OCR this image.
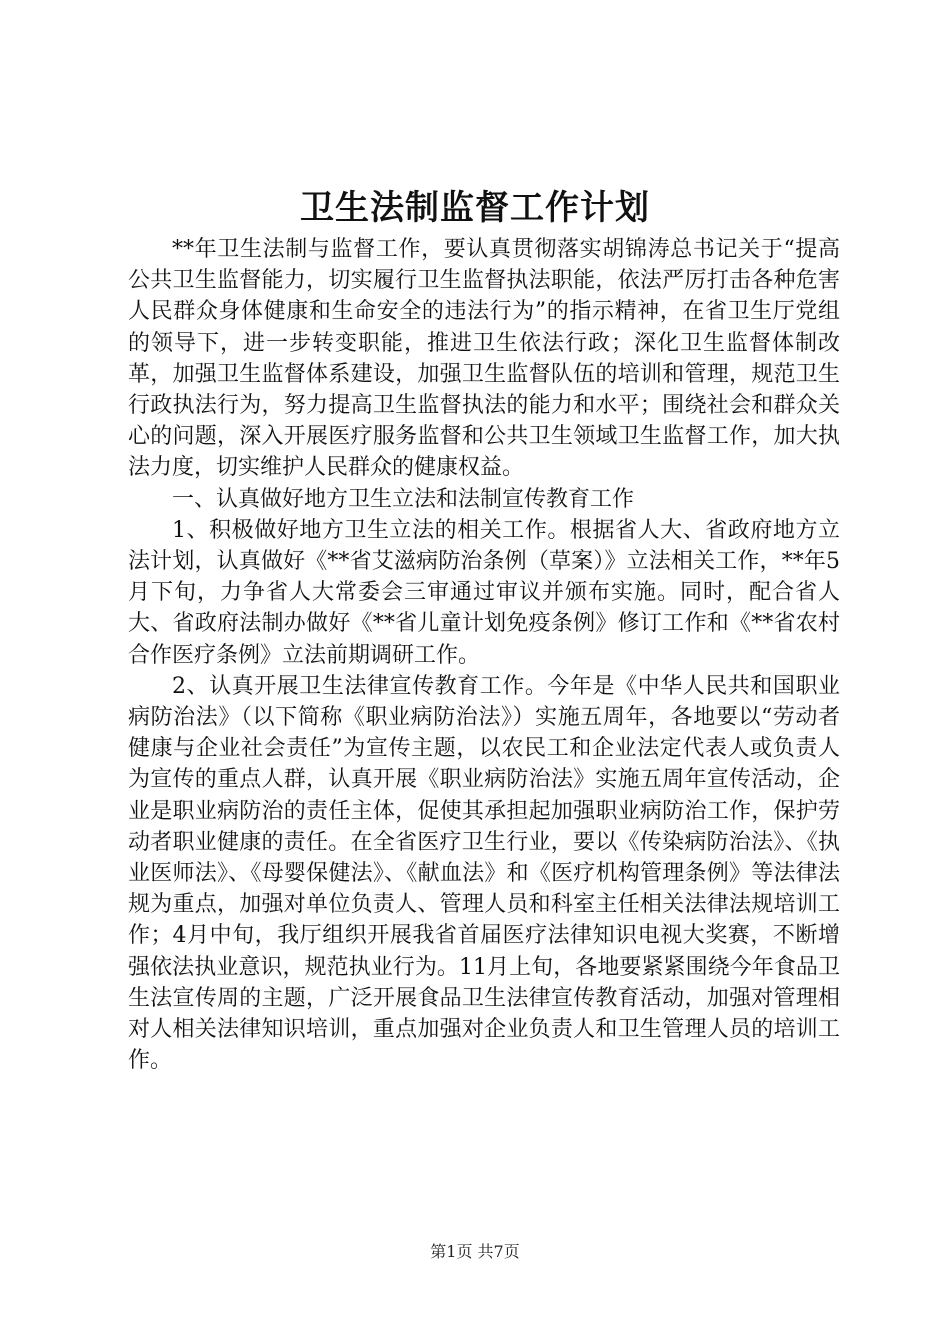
卫生法制监督工作计划

**年卫生法制与监督工作，要认真贯彻落实胡锦涛总书记关于“提高公共卫生监督能力，切实履行卫生监督执法职能，依法严厉打击各种危害人民群众身体健康和生命安全的违法行为”的指示精神，在省卫生厅党组的领导下，进一步转变职能，推进卫生依法行政；深化卫生监督体制改革，加强卫生监督体系建设，加强卫生监督队伍的培训和管理，规范卫生行政执法行为，努力提高卫生监督执法的能力和水平；围绕社会和群众关心的问题，深入开展医疗服务监督和公共卫生领域卫生监督工作，加大执法力度，切实维护人民群众的健康权益。

一、认真做好地方卫生立法和法制宣传教育工作

1、积极做好地方卫生立法的相关工作。根据省人大、省政府地方立法计划，认真做好《**省艾滋病防治条例（草案）》立法相关工作，**年5月下旬，力争省人大常委会三审通过审议并颁布实施。同时，配合省人大、省政府法制办做好《**省儿童计划免疫条例》修订工作和《**省农村合作医疗条例》立法前期调研工作。

2、认真开展卫生法律宣传教育工作。今年是《中华人民共和国职业病防治法》（以下简称《职业病防治法》）实施五周年，各地要以“劳动者健康与企业社会责任”为宣传主题，以农民工和企业法定代表人或负责人为宣传的重点人群，认真开展《职业病防治法》实施五周年宣传活动，企业是职业病防治的责任主体，促使其承担起加强职业病防治工作，保护劳动者职业健康的责任。在全省医疗卫生行业，要以《传染病防治法》、《执业医师法》、《母婴保健法》、《献血法》和《医疗机构管理条例》等法律法规为重点，加强对单位负责人、管理人员和科室主任相关法律法规培训工作；4月中旬，我厅组织开展我省首届医疗法律知识电视大奖赛，不断增强依法执业意识，规范执业行为。11月上旬，各地要紧紧围绕今年食品卫生法宣传周的主题，广泛开展食品卫生法律宣传教育活动，加强对管理相对人相关法律知识培训，重点加强对企业负责人和卫生管理人员的培训工作。

第1页 共7页
